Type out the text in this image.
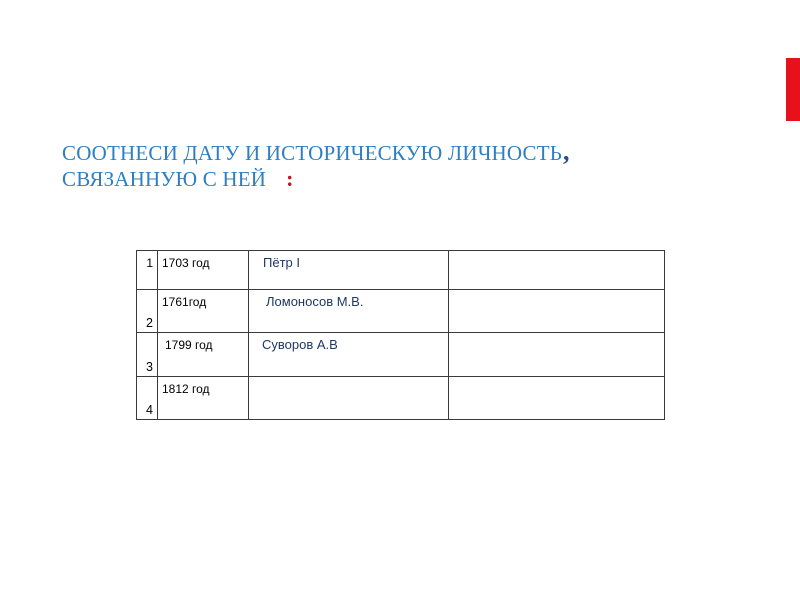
СООТНЕСИ ДАТУ И ИСТОРИЧЕСКУЮ ЛИЧНОСТЬ,
СВЯЗАННУЮ С НЕЙ :
1	1703 год	Пётр I	

2	1761год	Ломоносов М.В.	

3	1799 год	Суворов А.В	

4	1812 год		
